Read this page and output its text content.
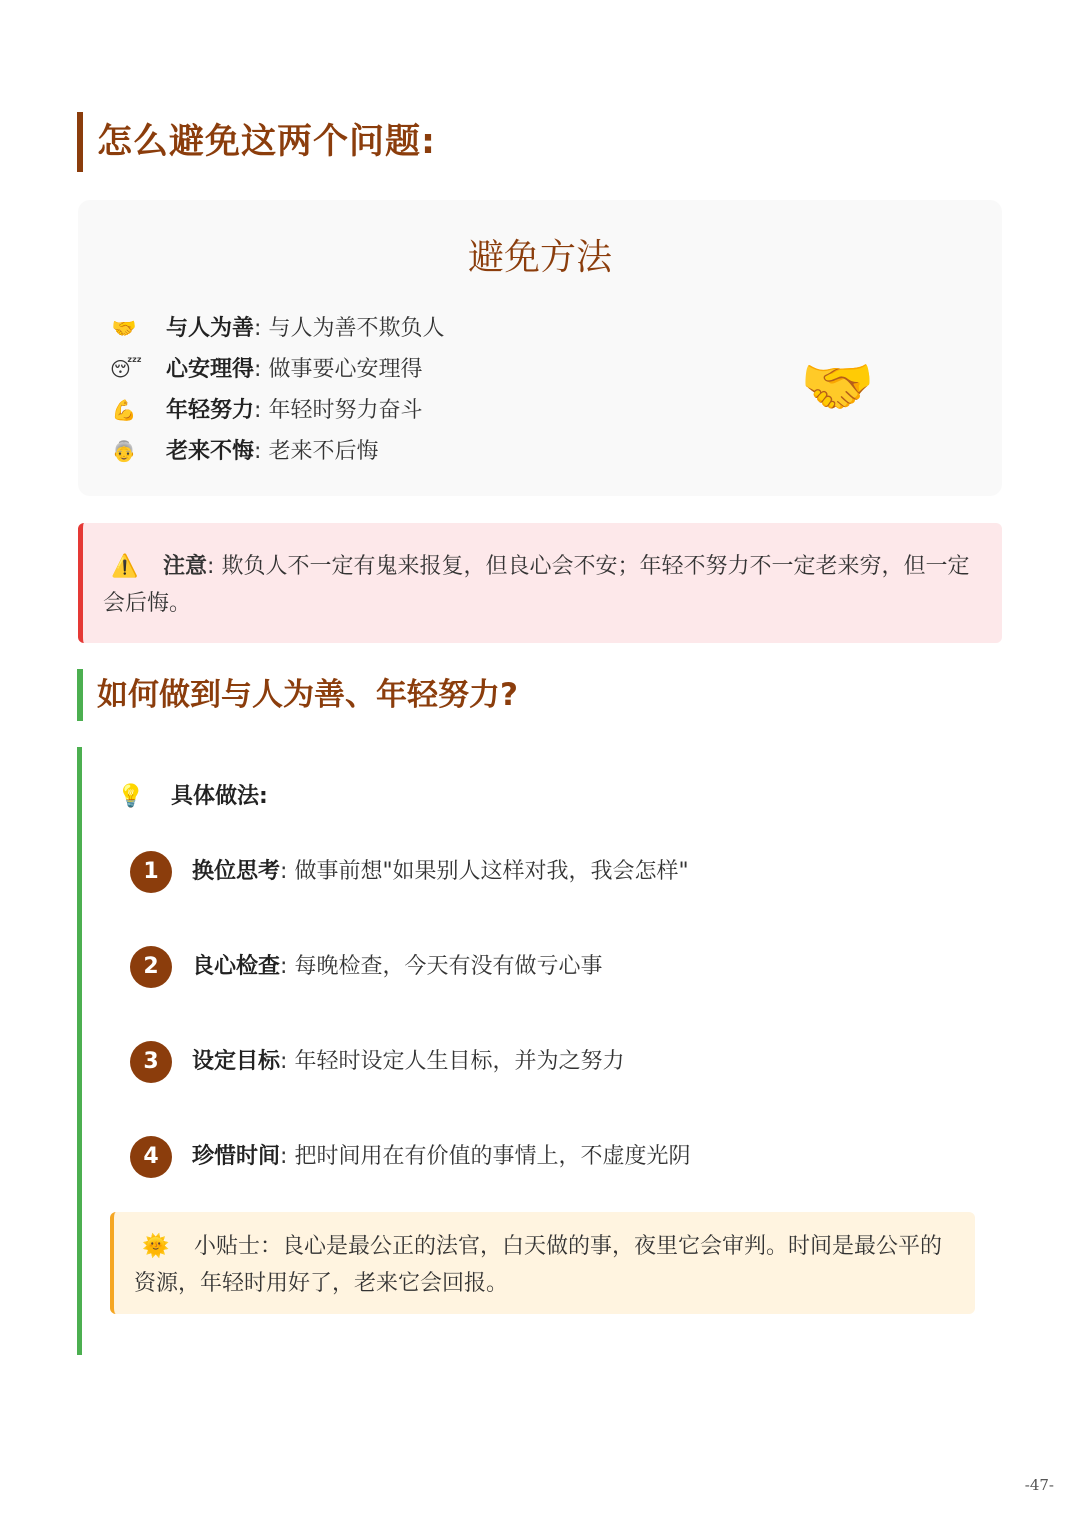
怎么避免这两个问题:
避免方法
🤝 与人为善: 与人为善不欺负人
😴 心安理得: 做事要心安理得
💪 年轻努力: 年轻时努力奋斗
👵 老来不悔: 老来不后悔
🤝
⚠️ 注意: 欺负人不一定有鬼来报复，但良心会不安；年轻不努力不一定老来穷，但一定会后悔。
如何做到与人为善、年轻努力?
💡 具体做法:
1 换位思考: 做事前想"如果别人这样对我，我会怎样"
2 良心检查: 每晚检查，今天有没有做亏心事
3 设定目标: 年轻时设定人生目标，并为之努力
4 珍惜时间: 把时间用在有价值的事情上，不虚度光阴
🌞 小贴士：良心是最公正的法官，白天做的事，夜里它会审判。时间是最公平的资源，年轻时用好了，老来它会回报。
-47-
